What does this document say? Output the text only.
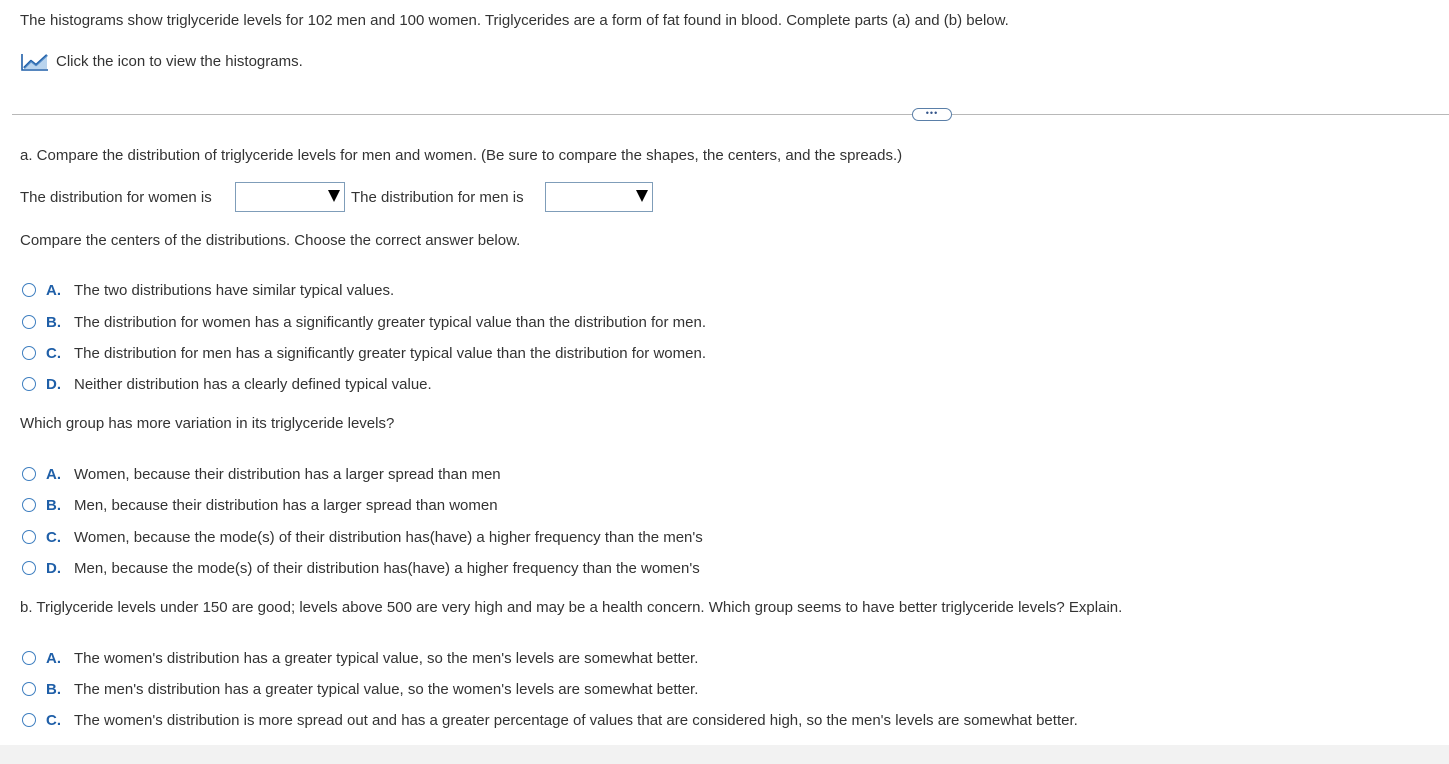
The histograms show triglyceride levels for 102 men and 100 women. Triglycerides are a form of fat found in blood. Complete parts (a) and (b) below.
Click the icon to view the histograms.
•••
a. Compare the distribution of triglyceride levels for men and women. (Be sure to compare the shapes, the centers, and the spreads.)
The distribution for women is	The distribution for men is
Compare the centers of the distributions. Choose the correct answer below.
A. The two distributions have similar typical values.
B. The distribution for women has a significantly greater typical value than the distribution for men.
C. The distribution for men has a significantly greater typical value than the distribution for women.
D. Neither distribution has a clearly defined typical value.
Which group has more variation in its triglyceride levels?
A. Women, because their distribution has a larger spread than men
B. Men, because their distribution has a larger spread than women
C. Women, because the mode(s) of their distribution has(have) a higher frequency than the men's
D. Men, because the mode(s) of their distribution has(have) a higher frequency than the women's
b. Triglyceride levels under 150 are good; levels above 500 are very high and may be a health concern. Which group seems to have better triglyceride levels? Explain.
A. The women's distribution has a greater typical value, so the men's levels are somewhat better.
B. The men's distribution has a greater typical value, so the women's levels are somewhat better.
C. The women's distribution is more spread out and has a greater percentage of values that are considered high, so the men's levels are somewhat better.
